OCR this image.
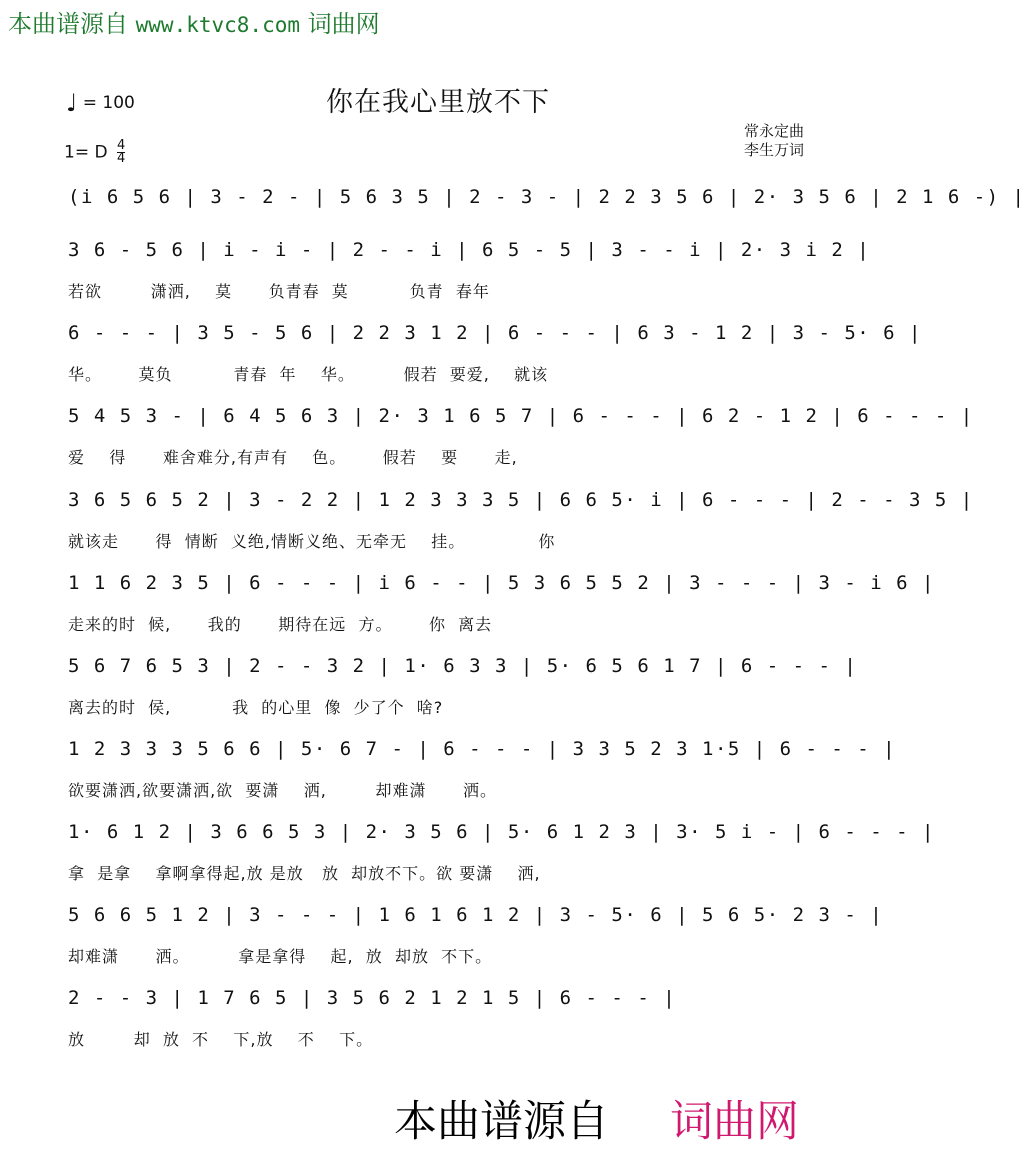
本曲谱源自 www.ktvc8.com 词曲网
♩ = 100	你在我心里放不下
1= D $\frac{4}{4}$
常永定曲
李生万词
(i 6 5 6 | 3 - 2 - | 5 6 3 5 | 2 - 3 - | 2 2 3 5 6 | 2· 3 5 6 | 2 1 6 -) |
3 6 - 5 6 | i - i - | 2 - - i | 6 5 - 5 | 3 - - i | 2· 3 i 2 |
若欲        潇洒,    莫      负青春  莫          负青  春年
6 - - - | 3 5 - 5 6 | 2 2 3 1 2 | 6 - - - | 6 3 - 1 2 | 3 - 5· 6 |
华。      莫负          青春  年    华。        假若  要爱,    就该
5 4 5 3 - | 6 4 5 6 3 | 2· 3 1 6 5 7 | 6 - - - | 6 2 - 1 2 | 6 - - - |
爱    得      难舍难分,有声有    色。      假若    要      走,
3 6 5 6 5 2 | 3 - 2 2 | 1 2 3 3 3 5 | 6 6 5· i | 6 - - - | 2 - - 3 5 |
就该走      得  情断  义绝,情断义绝、无牵无    挂。            你
1 1 6 2 3 5 | 6 - - - | i 6 - - | 5 3 6 5 5 2 | 3 - - - | 3 - i 6 |
走来的时  候,      我的      期待在远  方。      你  离去
5 6 7 6 5 3 | 2 - - 3 2 | 1· 6 3 3 | 5· 6 5 6 1 7 | 6 - - - |
离去的时  侯,          我  的心里  像  少了个  啥?
1 2 3 3 3 5 6 6 | 5· 6 7 - | 6 - - - | 3 3 5 2 3 1·5 | 6 - - - |
欲要潇洒,欲要潇洒,欲  要潇    洒,        却难潇      洒。
1· 6 1 2 | 3 6 6 5 3 | 2· 3 5 6 | 5· 6 1 2 3 | 3· 5 i - | 6 - - - |
拿  是拿    拿啊拿得起,放 是放   放  却放不下。欲 要潇    洒,
5 6 6 5 1 2 | 3 - - - | 1 6 1 6 1 2 | 3 - 5· 6 | 5 6 5· 2 3 - |
却难潇      洒。        拿是拿得    起,  放  却放  不下。
2 - - 3 | 1 7 6 5 | 3 5 6 2 1 2 1 5 | 6 - - - |
放        却  放  不    下,放    不    下。
本曲谱源自 词曲网
